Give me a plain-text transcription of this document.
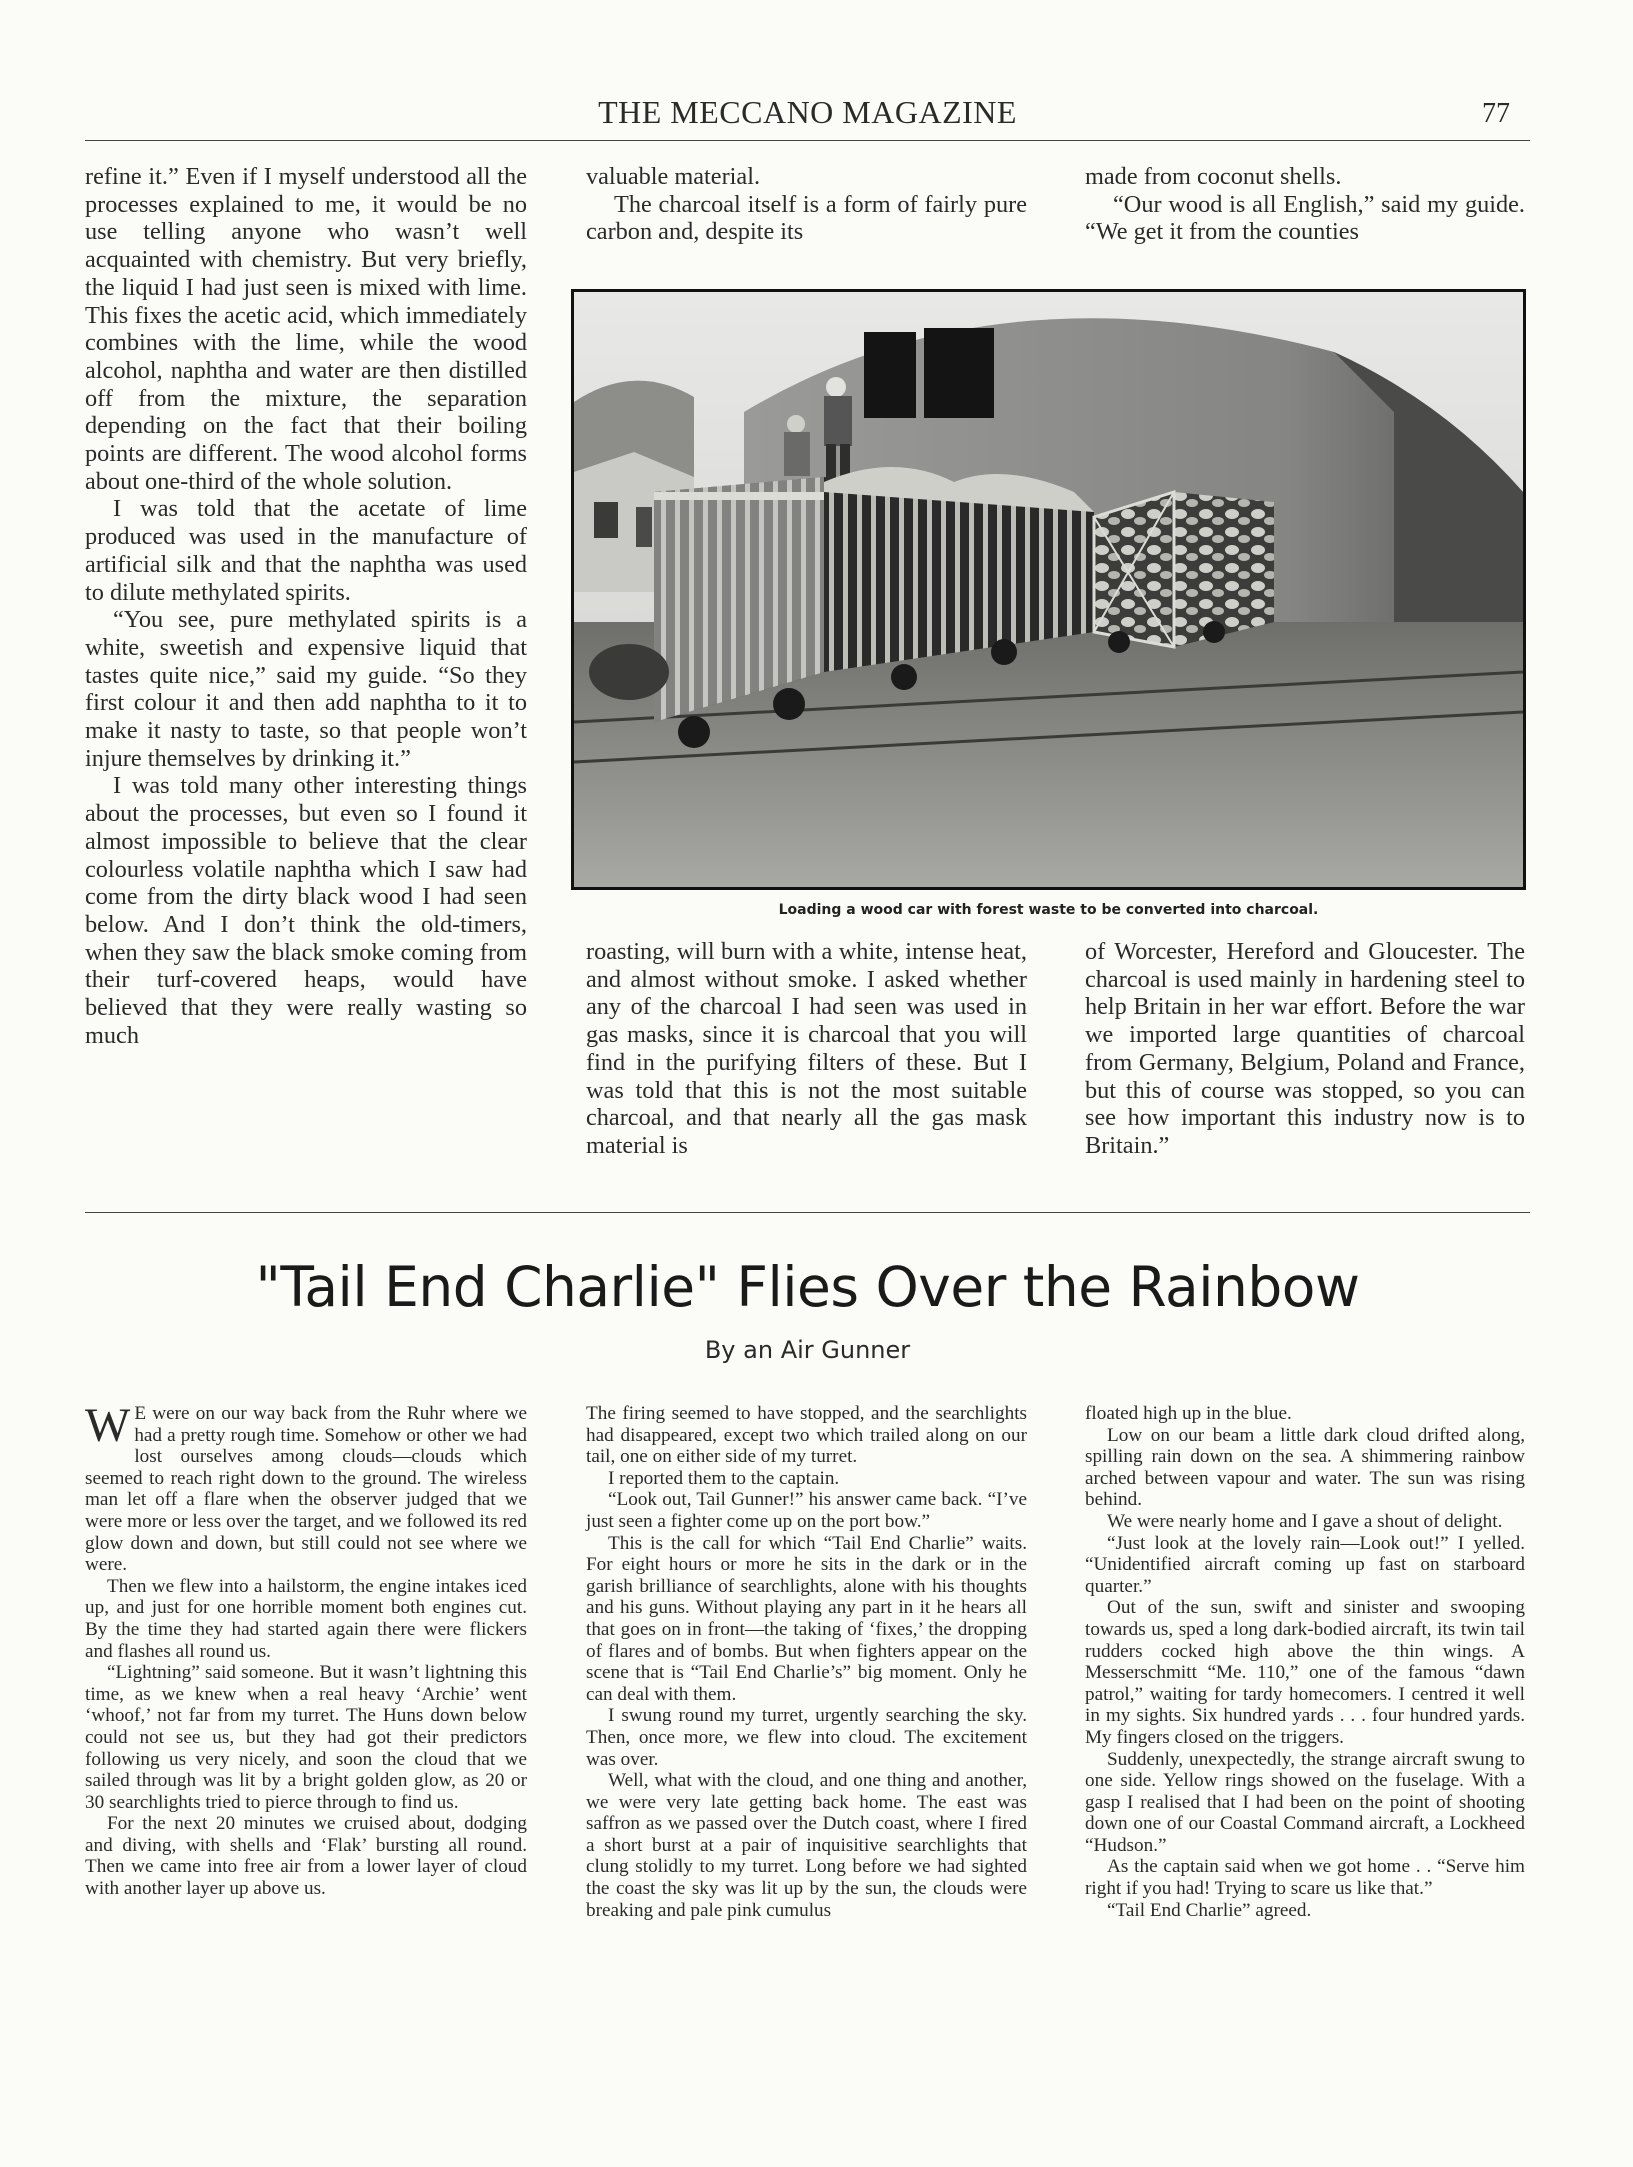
THE MECCANO MAGAZINE	77

refine it.” Even if I myself understood all the processes explained to me, it would be no use telling anyone who wasn’t well acquainted with chemistry. But very briefly, the liquid I had just seen is mixed with lime. This fixes the acetic acid, which immediately combines with the lime, while the wood alcohol, naphtha and water are then distilled off from the mixture, the separation depending on the fact that their boiling points are different. The wood alcohol forms about one-third of the whole solution.

I was told that the acetate of lime produced was used in the manufacture of artificial silk and that the naphtha was used to dilute methylated spirits.

“You see, pure methylated spirits is a white, sweetish and expensive liquid that tastes quite nice,” said my guide. “So they first colour it and then add naphtha to it to make it nasty to taste, so that people won’t injure themselves by drinking it.”

I was told many other interesting things about the processes, but even so I found it almost impossible to believe that the clear colourless volatile naphtha which I saw had come from the dirty black wood I had seen below. And I don’t think the old-timers, when they saw the black smoke coming from their turf-covered heaps, would have believed that they were really wasting so much

valuable material.

The charcoal itself is a form of fairly pure carbon and, despite its

made from coconut shells.

“Our wood is all English,” said my guide. “We get it from the counties

Loading a wood car with forest waste to be converted into charcoal.

roasting, will burn with a white, intense heat, and almost without smoke. I asked whether any of the charcoal I had seen was used in gas masks, since it is charcoal that you will find in the purifying filters of these. But I was told that this is not the most suitable charcoal, and that nearly all the gas mask material is

of Worcester, Hereford and Gloucester. The charcoal is used mainly in hardening steel to help Britain in her war effort. Before the war we imported large quantities of charcoal from Germany, Belgium, Poland and France, but this of course was stopped, so you can see how important this industry now is to Britain.”

"Tail End Charlie" Flies Over the Rainbow
By an Air Gunner

W E were on our way back from the Ruhr where we had a pretty rough time. Somehow or other we had lost ourselves among clouds—clouds which seemed to reach right down to the ground. The wireless man let off a flare when the observer judged that we were more or less over the target, and we followed its red glow down and down, but still could not see where we were.

Then we flew into a hailstorm, the engine intakes iced up, and just for one horrible moment both engines cut. By the time they had started again there were flickers and flashes all round us.

“Lightning” said someone. But it wasn’t lightning this time, as we knew when a real heavy ‘Archie’ went ‘whoof,’ not far from my turret. The Huns down below could not see us, but they had got their predictors following us very nicely, and soon the cloud that we sailed through was lit by a bright golden glow, as 20 or 30 searchlights tried to pierce through to find us.

For the next 20 minutes we cruised about, dodging and diving, with shells and ‘Flak’ bursting all round. Then we came into free air from a lower layer of cloud with another layer up above us.

The firing seemed to have stopped, and the searchlights had disappeared, except two which trailed along on our tail, one on either side of my turret.

I reported them to the captain.

“Look out, Tail Gunner!” his answer came back. “I’ve just seen a fighter come up on the port bow.”

This is the call for which “Tail End Charlie” waits. For eight hours or more he sits in the dark or in the garish brilliance of searchlights, alone with his thoughts and his guns. Without playing any part in it he hears all that goes on in front—the taking of ‘fixes,’ the dropping of flares and of bombs. But when fighters appear on the scene that is “Tail End Charlie’s” big moment. Only he can deal with them.

I swung round my turret, urgently searching the sky. Then, once more, we flew into cloud. The excitement was over.

Well, what with the cloud, and one thing and another, we were very late getting back home. The east was saffron as we passed over the Dutch coast, where I fired a short burst at a pair of inquisitive searchlights that clung stolidly to my turret. Long before we had sighted the coast the sky was lit up by the sun, the clouds were breaking and pale pink cumulus

floated high up in the blue.

Low on our beam a little dark cloud drifted along, spilling rain down on the sea. A shimmering rainbow arched between vapour and water. The sun was rising behind.

We were nearly home and I gave a shout of delight.

“Just look at the lovely rain—Look out!” I yelled. “Unidentified aircraft coming up fast on starboard quarter.”

Out of the sun, swift and sinister and swooping towards us, sped a long dark-bodied aircraft, its twin tail rudders cocked high above the thin wings. A Messerschmitt “Me. 110,” one of the famous “dawn patrol,” waiting for tardy homecomers. I centred it well in my sights. Six hundred yards . . . four hundred yards. My fingers closed on the triggers.

Suddenly, unexpectedly, the strange aircraft swung to one side. Yellow rings showed on the fuselage. With a gasp I realised that I had been on the point of shooting down one of our Coastal Command aircraft, a Lockheed “Hudson.”

As the captain said when we got home . . “Serve him right if you had! Trying to scare us like that.”

“Tail End Charlie” agreed.
